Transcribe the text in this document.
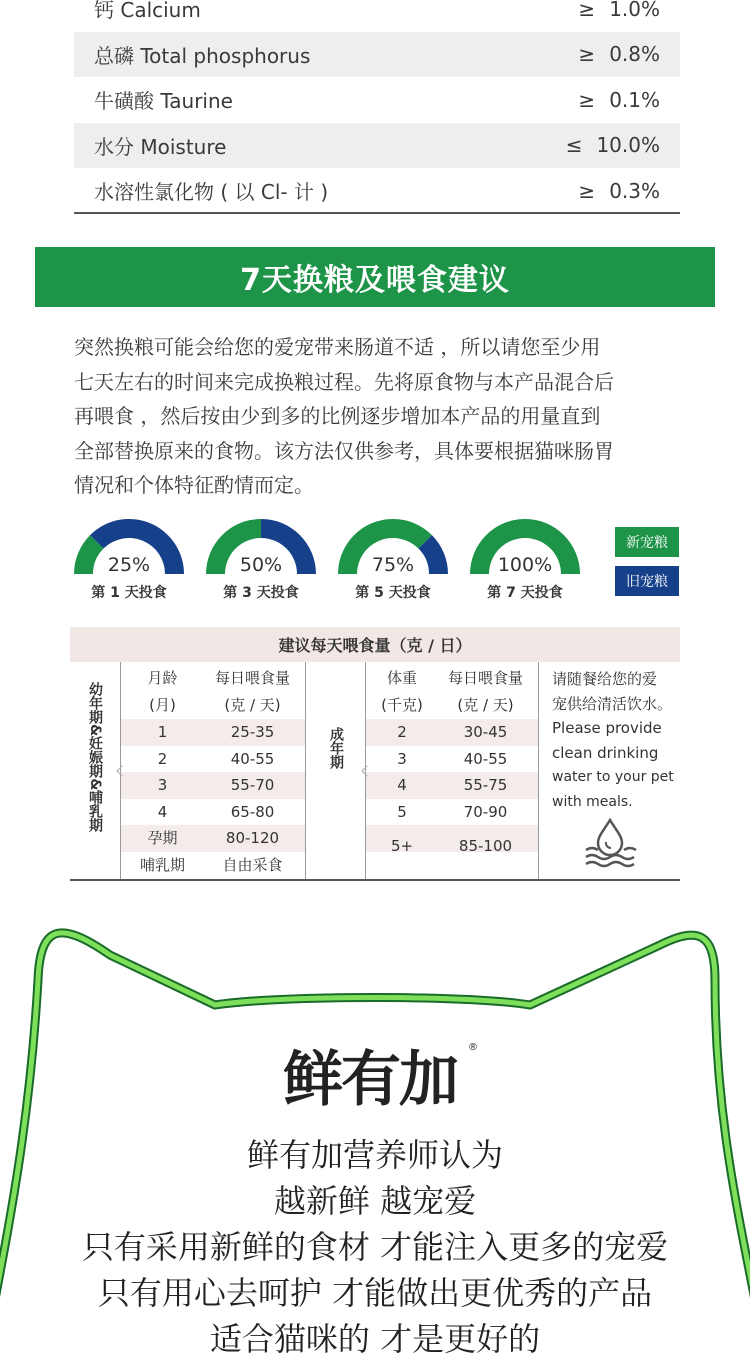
钙 Calcium	≥ 1.0%
总磷 Total phosphorus	≥ 0.8%
牛磺酸 Taurine	≥ 0.1%
水分 Moisture	≤ 10.0%
水溶性氯化物 ( 以 Cl- 计 )	≥ 0.3%
7天换粮及喂食建议
突然换粮可能会给您的爱宠带来肠道不适 ，所以请您至少用
七天左右的时间来完成换粮过程。先将原食物与本产品混合后
再喂食 ，然后按由少到多的比例逐步增加本产品的用量直到
全部替换原来的食物。该方法仅供参考，具体要根据猫咪肠胃
情况和个体特征酌情而定。
25%
第 1 天投食
50%
第 3 天投食
75%
第 5 天投食
100%
第 7 天投食
新宠粮
旧宠粮
建议每天喂食量（克 / 日）
幼年期&妊娠期&哺乳期	成年期
月龄	每日喂食量
(月)	(克 / 天)
1	25-35
2	40-55
3	55-70
4	65-80
孕期	80-120
哺乳期	自由采食
体重	每日喂食量
(千克)	(克 / 天)
2	30-45
3	40-55
4	55-75
5	70-90
5+	85-100
请随餐给您的爱
宠供给清活饮水。
Please provide
clean drinking
water to your pet
with meals.
鲜有加 ®
鲜有加营养师认为
越新鲜 越宠爱
只有采用新鲜的食材 才能注入更多的宠爱
只有用心去呵护 才能做出更优秀的产品
适合猫咪的 才是更好的
